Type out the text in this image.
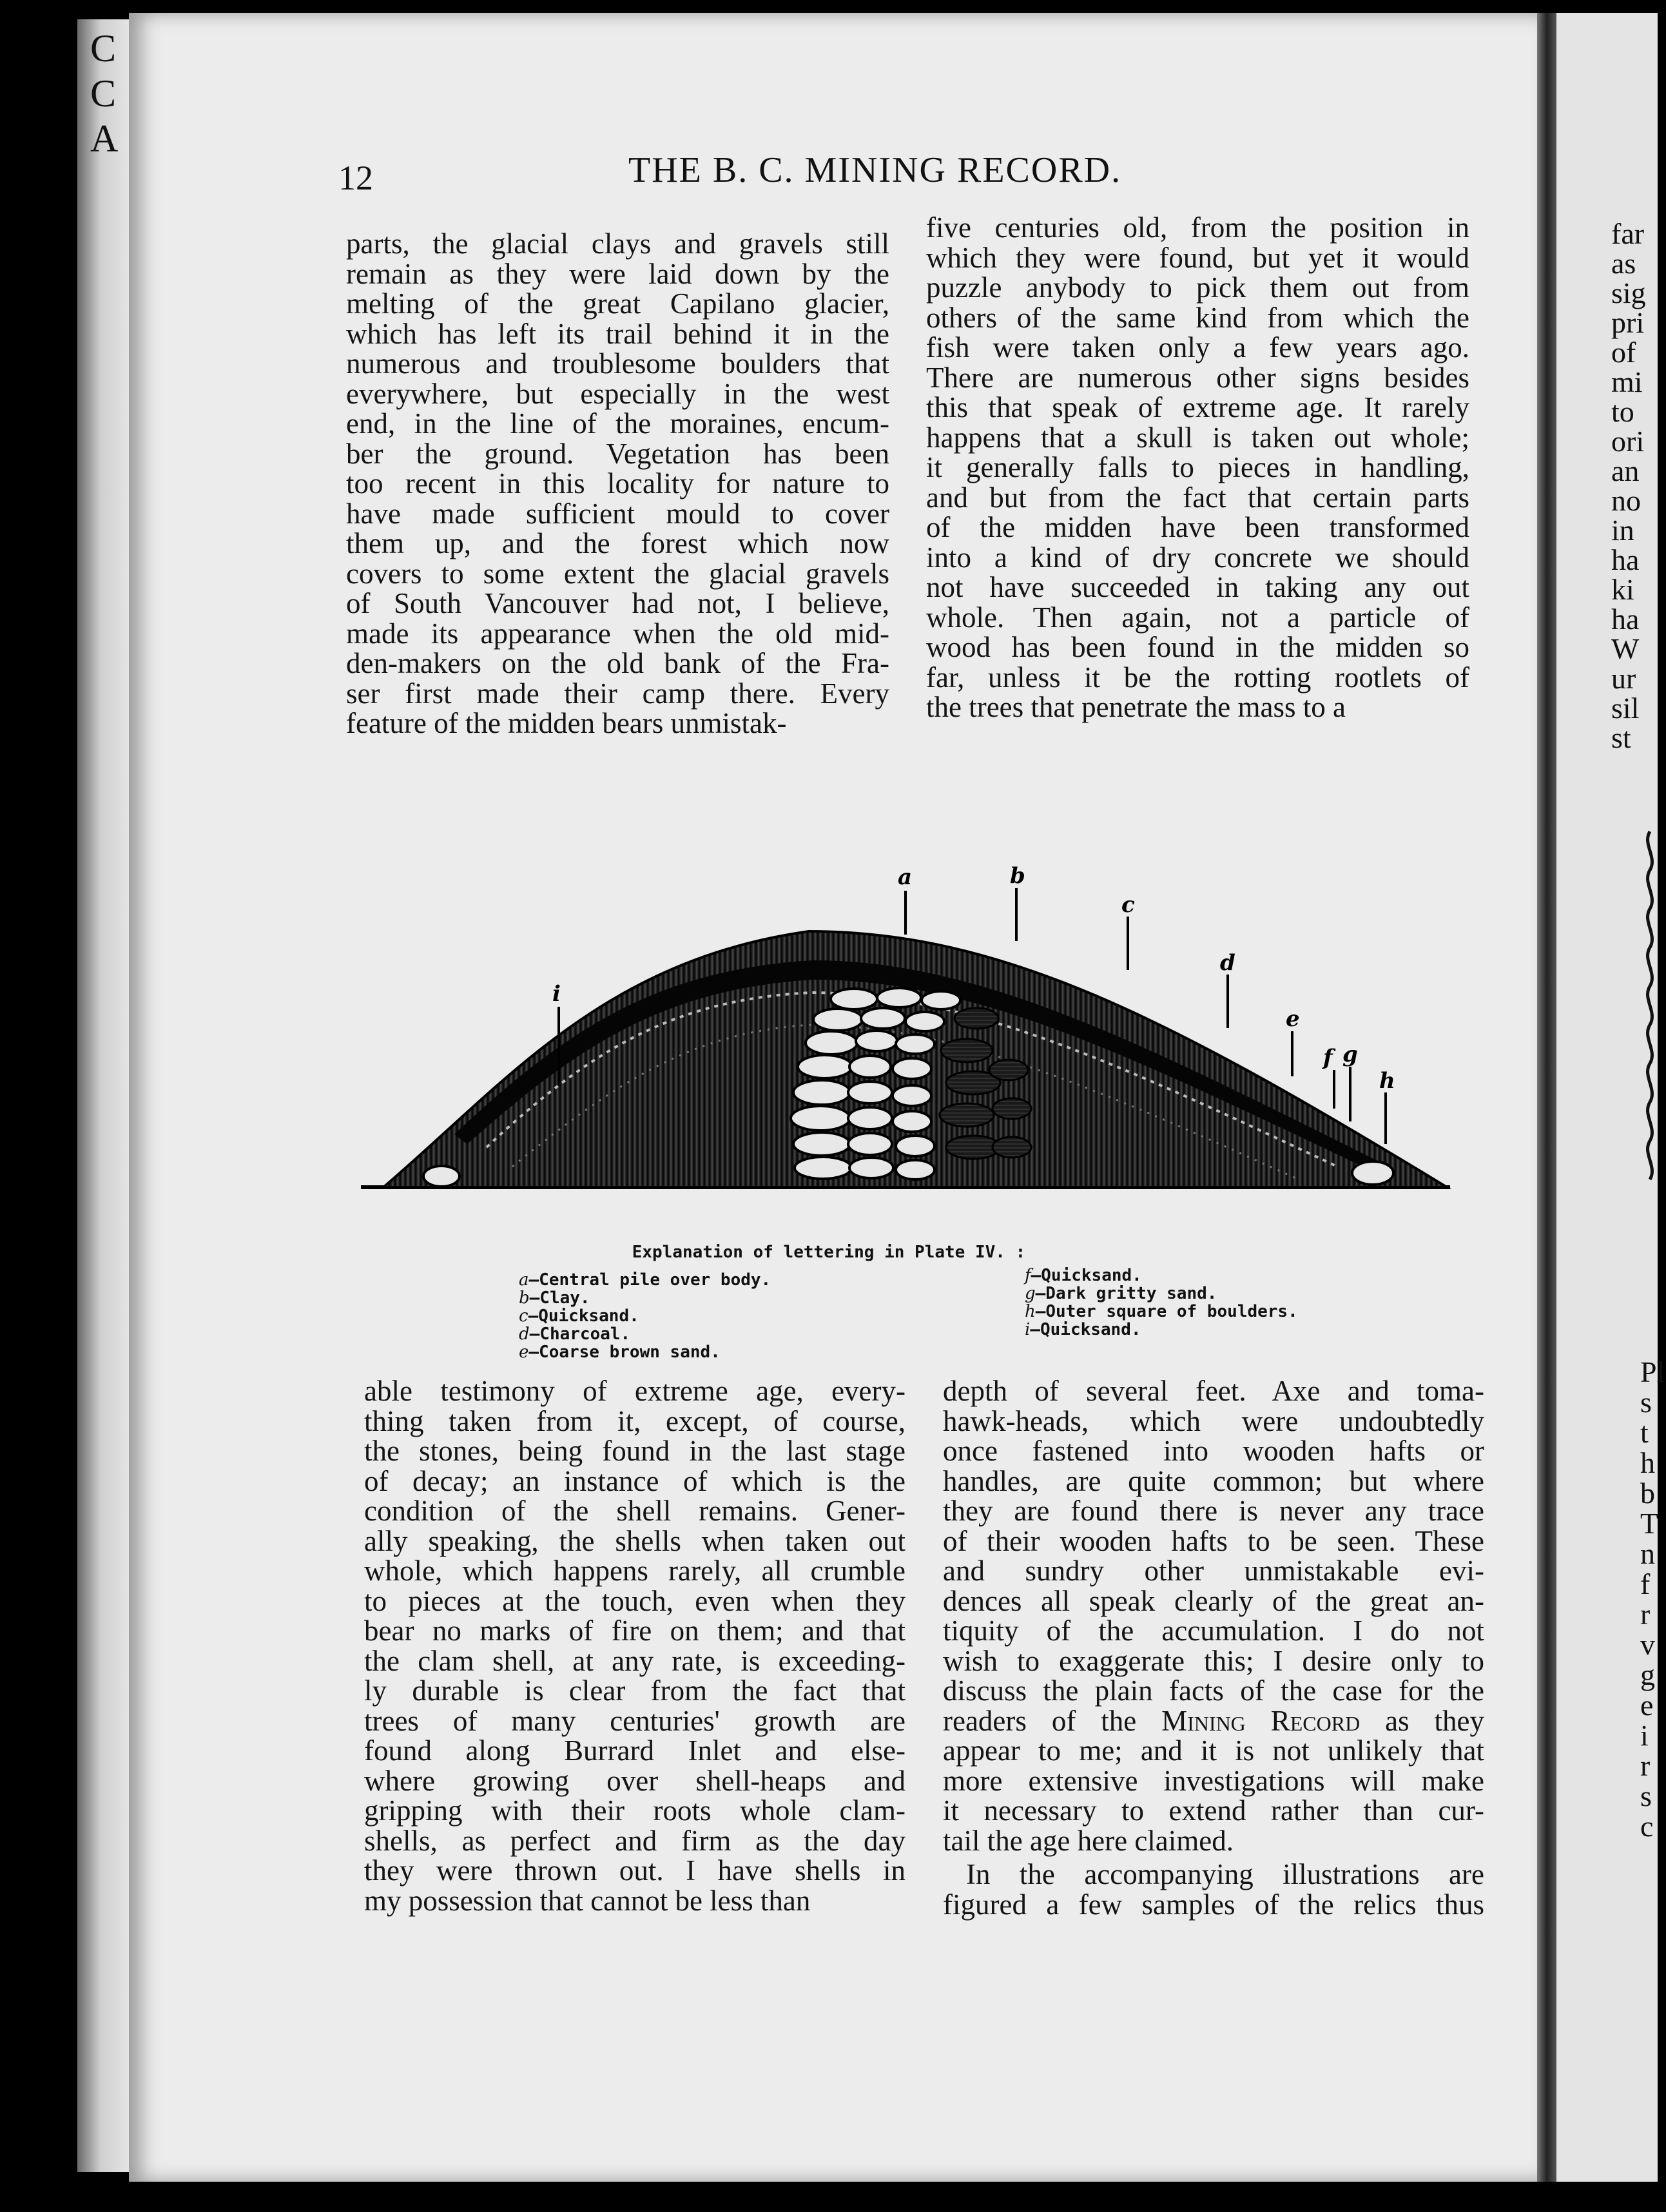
C
C
A
far
as
sig
pri
of
mi
to
ori
an
no
in
ha
ki
ha
W
ur
sil
st
Pl
s
t
h
b
T
n
f
r
v
g
e
i
r
s
c

12	THE B. C. MINING RECORD.

parts, the glacial clays and gravels still
remain as they were laid down by the
melting of the great Capilano glacier,
which has left its trail behind it in the
numerous and troublesome boulders that
everywhere, but especially in the west
end, in the line of the moraines, encum-
ber the ground. Vegetation has been
too recent in this locality for nature to
have made sufficient mould to cover
them up, and the forest which now
covers to some extent the glacial gravels
of South Vancouver had not, I believe,
made its appearance when the old mid-
den-makers on the old bank of the Fra-
ser first made their camp there. Every
feature of the midden bears unmistak-
five centuries old, from the position in
which they were found, but yet it would
puzzle anybody to pick them out from
others of the same kind from which the
fish were taken only a few years ago.
There are numerous other signs besides
this that speak of extreme age. It rarely
happens that a skull is taken out whole;
it generally falls to pieces in handling,
and but from the fact that certain parts
of the midden have been transformed
into a kind of dry concrete we should
not have succeeded in taking any out
whole. Then again, not a particle of
wood has been found in the midden so
far, unless it be the rotting rootlets of
the trees that penetrate the mass to a
a	b
c
d
e
f g
h
i
Explanation of lettering in Plate IV. :
a—Central pile over body.
b—Clay.
c—Quicksand.
d—Charcoal.
e—Coarse brown sand.
f—Quicksand.
g—Dark gritty sand.
h—Outer square of boulders.
i—Quicksand.
able testimony of extreme age, every-
thing taken from it, except, of course,
the stones, being found in the last stage
of decay; an instance of which is the
condition of the shell remains. Gener-
ally speaking, the shells when taken out
whole, which happens rarely, all crumble
to pieces at the touch, even when they
bear no marks of fire on them; and that
the clam shell, at any rate, is exceeding-
ly durable is clear from the fact that
trees of many centuries' growth are
found along Burrard Inlet and else-
where growing over shell-heaps and
gripping with their roots whole clam-
shells, as perfect and firm as the day
they were thrown out. I have shells in
my possession that cannot be less than
depth of several feet. Axe and toma-
hawk-heads, which were undoubtedly
once fastened into wooden hafts or
handles, are quite common; but where
they are found there is never any trace
of their wooden hafts to be seen. These
and sundry other unmistakable evi-
dences all speak clearly of the great an-
tiquity of the accumulation. I do not
wish to exaggerate this; I desire only to
discuss the plain facts of the case for the
readers of the Mining Record as they
appear to me; and it is not unlikely that
more extensive investigations will make
it necessary to extend rather than cur-
tail the age here claimed.
In the accompanying illustrations are
figured a few samples of the relics thus
